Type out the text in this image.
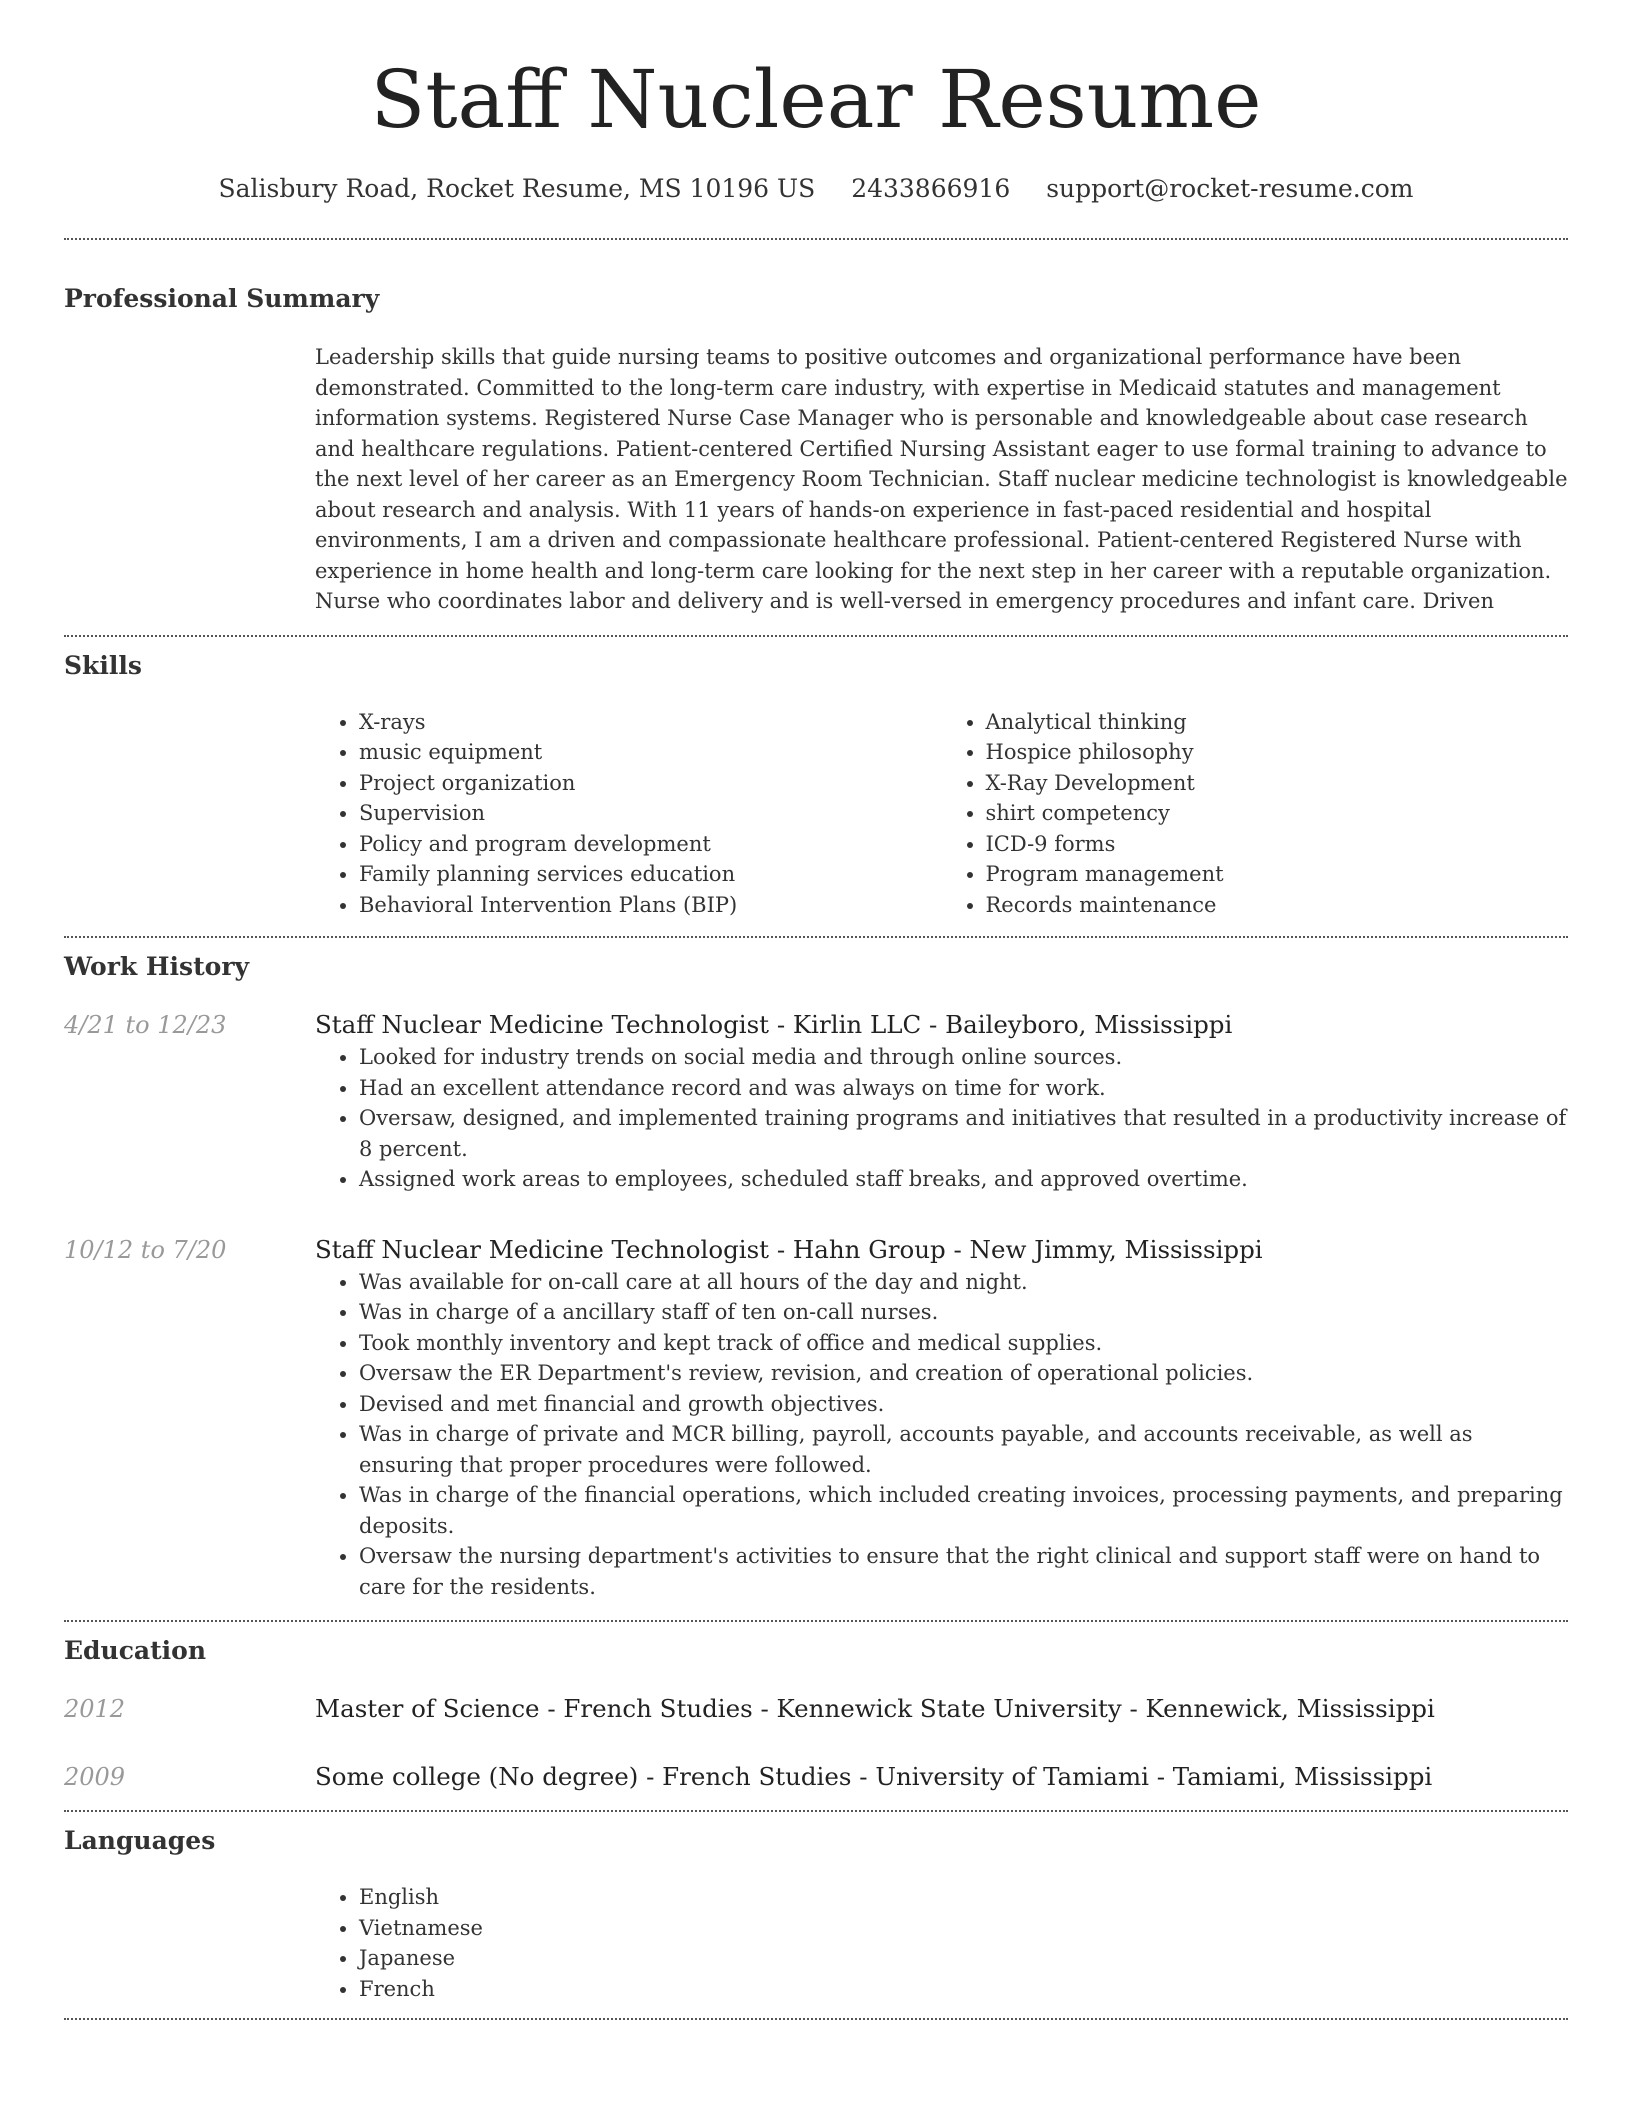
Staff Nuclear Resume
Salisbury Road, Rocket Resume, MS 10196 US 2433866916 support@rocket-resume.com
Professional Summary
Leadership skills that guide nursing teams to positive outcomes and organizational performance have been demonstrated. Committed to the long-term care industry, with expertise in Medicaid statutes and management information systems. Registered Nurse Case Manager who is personable and knowledgeable about case research and healthcare regulations. Patient-centered Certified Nursing Assistant eager to use formal training to advance to the next level of her career as an Emergency Room Technician. Staff nuclear medicine technologist is knowledgeable about research and analysis. With 11 years of hands-on experience in fast-paced residential and hospital environments, I am a driven and compassionate healthcare professional. Patient-centered Registered Nurse with experience in home health and long-term care looking for the next step in her career with a reputable organization. Nurse who coordinates labor and delivery and is well-versed in emergency procedures and infant care. Driven
Skills
• X-rays
• music equipment
• Project organization
• Supervision
• Policy and program development
• Family planning services education
• Behavioral Intervention Plans (BIP)
• Analytical thinking
• Hospice philosophy
• X-Ray Development
• shirt competency
• ICD-9 forms
• Program management
• Records maintenance
Work History
4/21 to 12/23	Staff Nuclear Medicine Technologist - Kirlin LLC - Baileyboro, Mississippi
• Looked for industry trends on social media and through online sources.
• Had an excellent attendance record and was always on time for work.
• Oversaw, designed, and implemented training programs and initiatives that resulted in a productivity increase of 8 percent.
• Assigned work areas to employees, scheduled staff breaks, and approved overtime.
10/12 to 7/20	Staff Nuclear Medicine Technologist - Hahn Group - New Jimmy, Mississippi
• Was available for on-call care at all hours of the day and night.
• Was in charge of a ancillary staff of ten on-call nurses.
• Took monthly inventory and kept track of office and medical supplies.
• Oversaw the ER Department's review, revision, and creation of operational policies.
• Devised and met financial and growth objectives.
• Was in charge of private and MCR billing, payroll, accounts payable, and accounts receivable, as well as ensuring that proper procedures were followed.
• Was in charge of the financial operations, which included creating invoices, processing payments, and preparing deposits.
• Oversaw the nursing department's activities to ensure that the right clinical and support staff were on hand to care for the residents.
Education
2012	Master of Science - French Studies - Kennewick State University - Kennewick, Mississippi
2009	Some college (No degree) - French Studies - University of Tamiami - Tamiami, Mississippi
Languages
• English
• Vietnamese
• Japanese
• French
